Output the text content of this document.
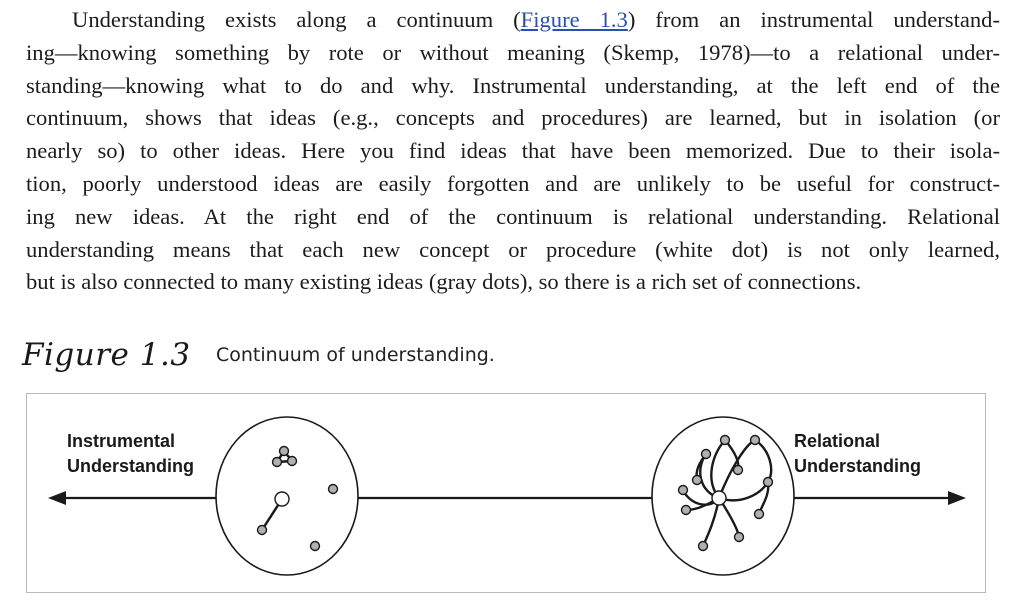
Understanding exists along a continuum (Figure 1.3) from an instrumental understand-
ing—knowing something by rote or without meaning (Skemp, 1978)—to a relational under-
standing—knowing what to do and why. Instrumental understanding, at the left end of the
continuum, shows that ideas (e.g., concepts and procedures) are learned, but in isolation (or
nearly so) to other ideas. Here you find ideas that have been memorized. Due to their isola-
tion, poorly understood ideas are easily forgotten and are unlikely to be useful for construct-
ing new ideas. At the right end of the continuum is relational understanding. Relational
understanding means that each new concept or procedure (white dot) is not only learned,
but is also connected to many existing ideas (gray dots), so there is a rich set of connections.
Figure 1.3 Continuum of understanding.
Instrumental
Understanding
Relational
Understanding
